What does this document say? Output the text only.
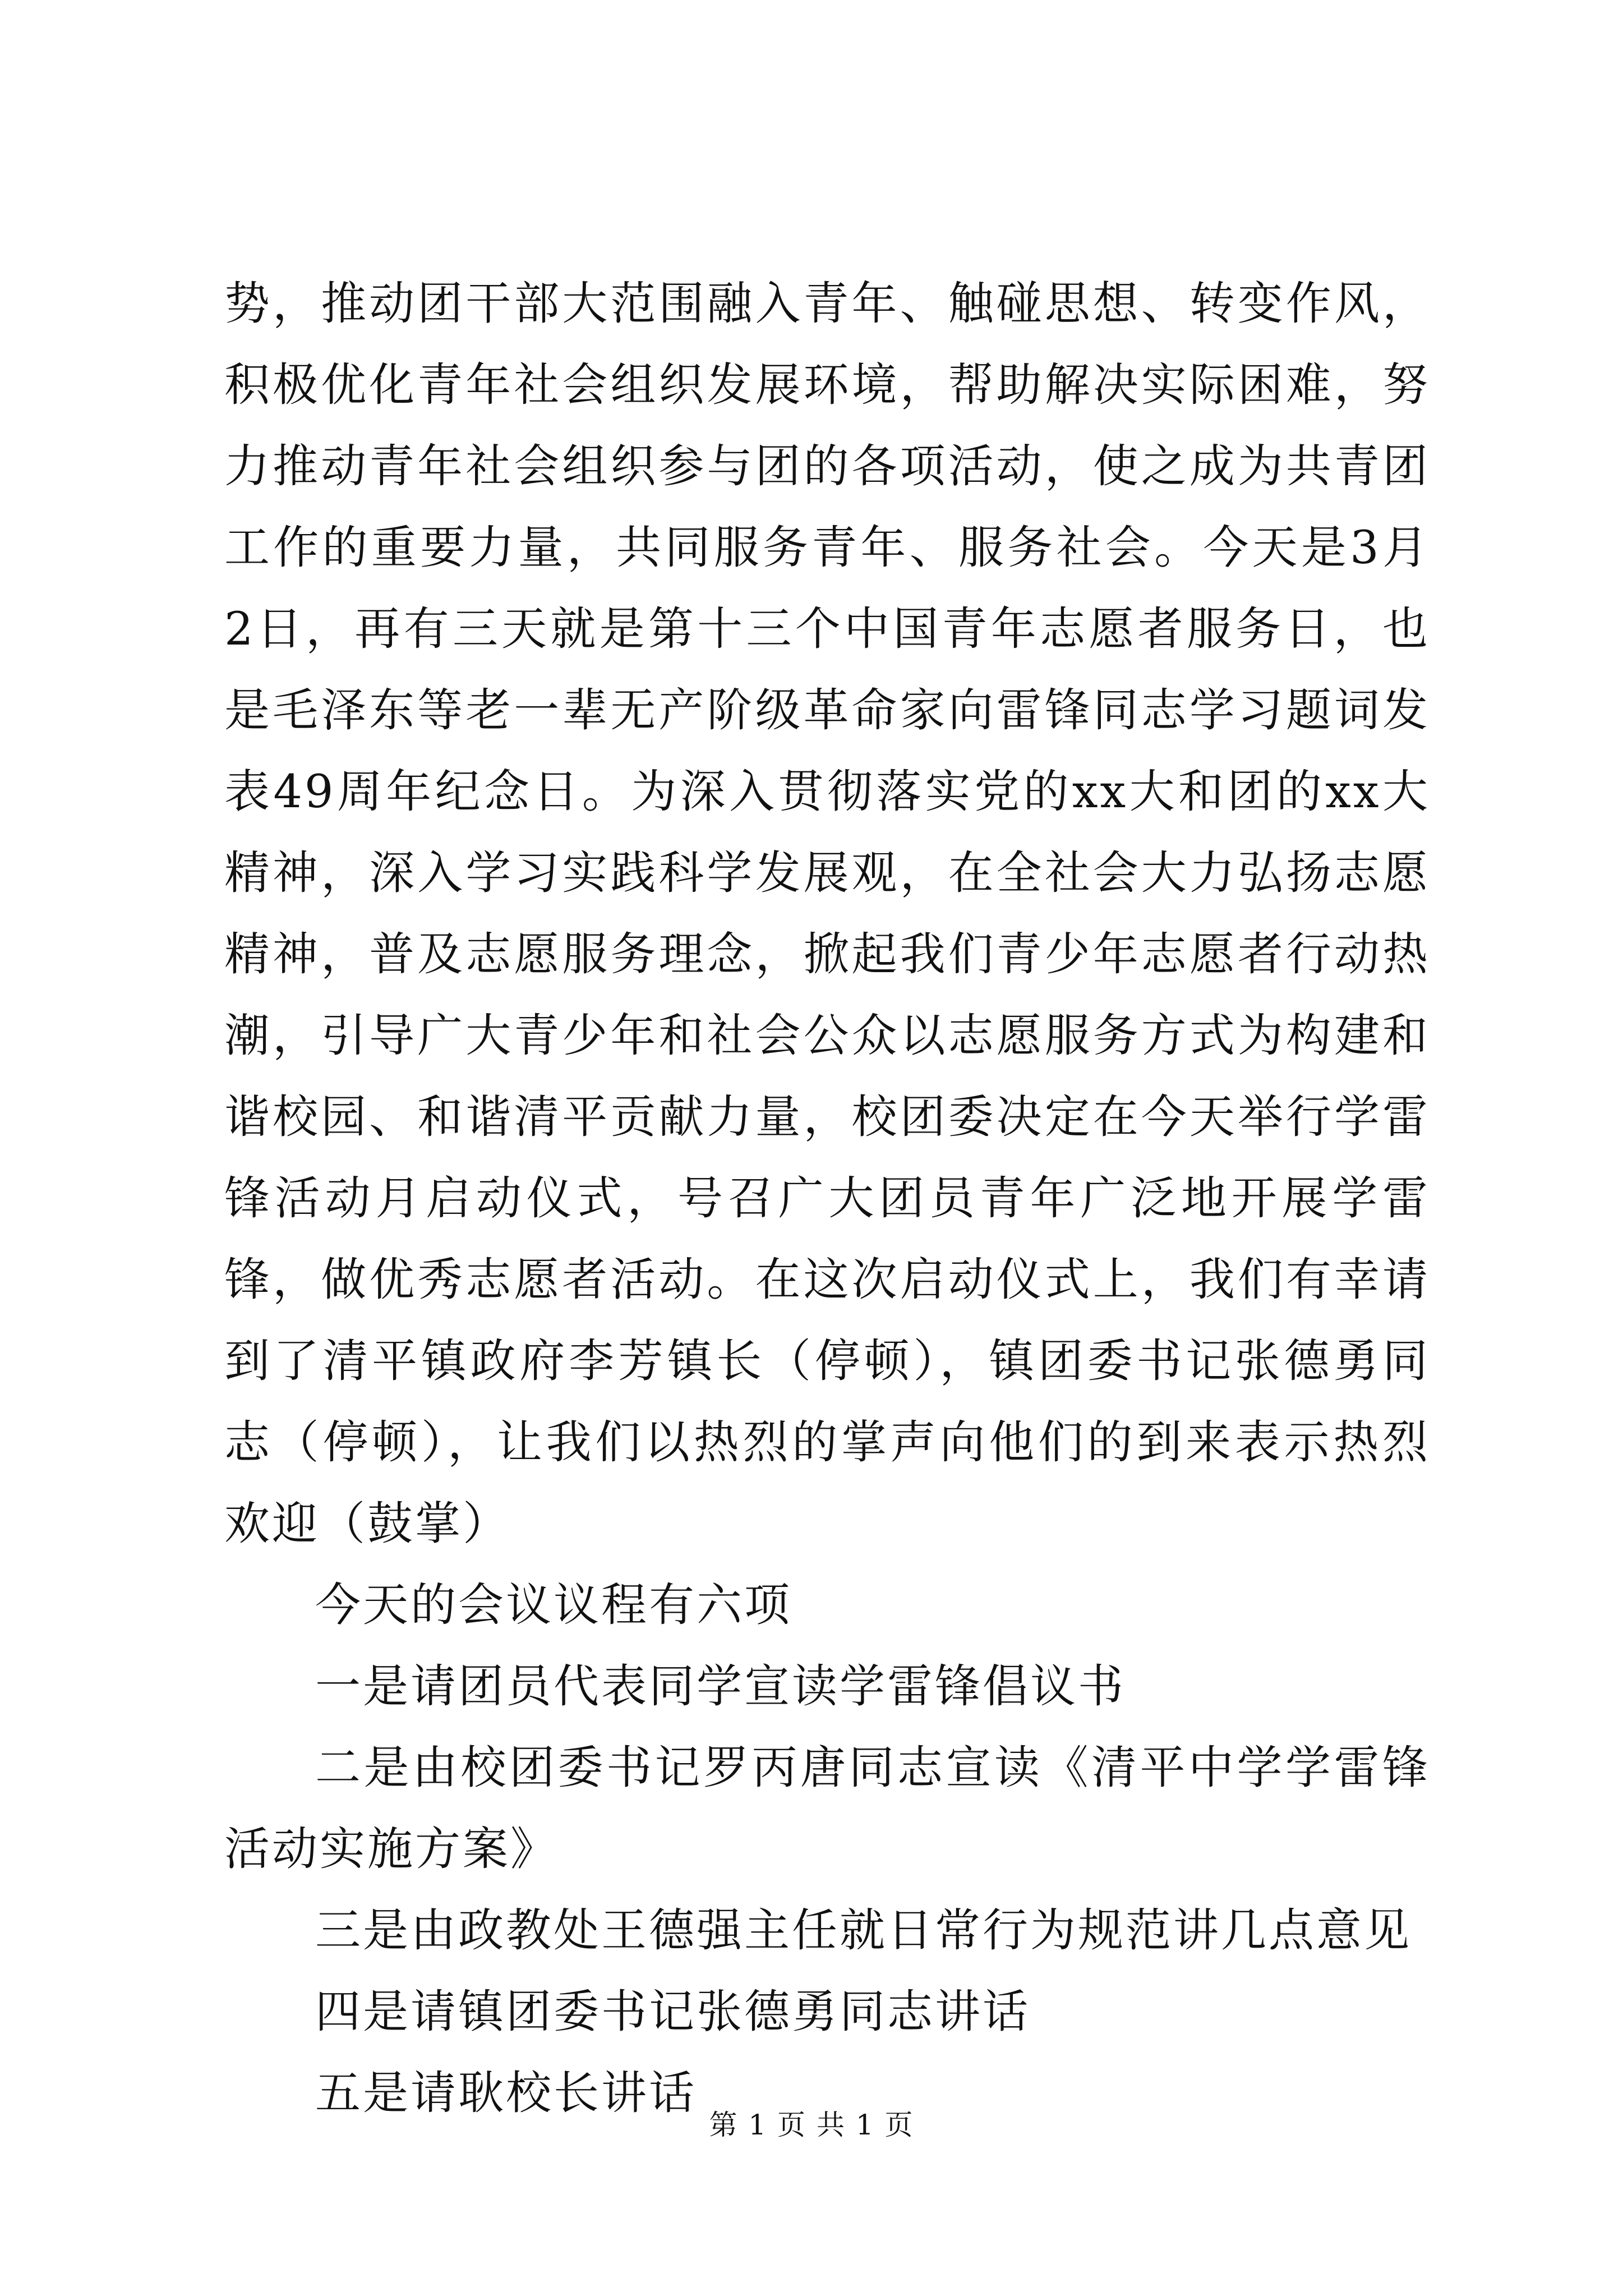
势，推动团干部大范围融入青年、触碰思想、转变作风，积极优化青年社会组织发展环境，帮助解决实际困难，努力推动青年社会组织参与团的各项活动，使之成为共青团工作的重要力量，共同服务青年、服务社会。今天是3月2日，再有三天就是第十三个中国青年志愿者服务日，也是毛泽东等老一辈无产阶级革命家向雷锋同志学习题词发表49周年纪念日。为深入贯彻落实党的xx大和团的xx大精神，深入学习实践科学发展观，在全社会大力弘扬志愿精神，普及志愿服务理念，掀起我们青少年志愿者行动热潮，引导广大青少年和社会公众以志愿服务方式为构建和谐校园、和谐清平贡献力量，校团委决定在今天举行学雷锋活动月启动仪式，号召广大团员青年广泛地开展学雷锋，做优秀志愿者活动。在这次启动仪式上，我们有幸请到了清平镇政府李芳镇长（停顿），镇团委书记张德勇同志（停顿），让我们以热烈的掌声向他们的到来表示热烈欢迎（鼓掌）

今天的会议议程有六项

一是请团员代表同学宣读学雷锋倡议书

二是由校团委书记罗丙唐同志宣读《清平中学学雷锋活动实施方案》

三是由政教处王德强主任就日常行为规范讲几点意见

四是请镇团委书记张德勇同志讲话

五是请耿校长讲话

第 1 页 共 1 页
